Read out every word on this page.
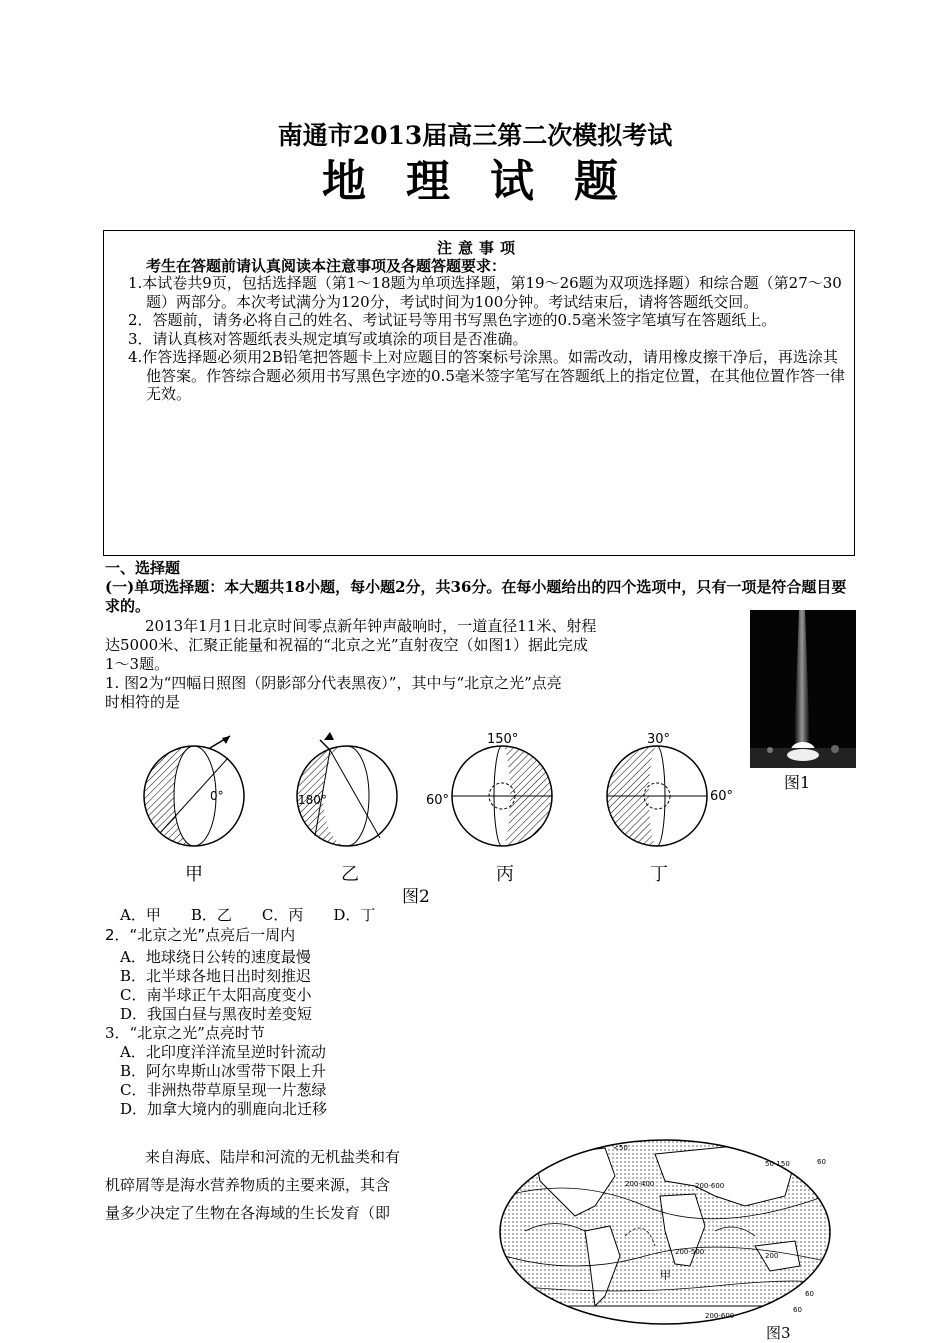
南通市2013届高三第二次模拟考试
地理试题
注意事项
考生在答题前请认真阅读本注意事项及各题答题要求：
1.本试卷共9页，包括选择题（第1～18题为单项选择题，第19～26题为双项选择题）和综合题（第27～30题）两部分。本次考试满分为120分，考试时间为100分钟。考试结束后，请将答题纸交回。
2．答题前，请务必将自己的姓名、考试证号等用书写黑色字迹的0.5毫米签字笔填写在答题纸上。
3．请认真核对答题纸表头规定填写或填涂的项目是否准确。
4.作答选择题必须用2B铅笔把答题卡上对应题目的答案标号涂黑。如需改动，请用橡皮擦干净后，再选涂其他答案。作答综合题必须用书写黑色字迹的0.5毫米签字笔写在答题纸上的指定位置，在其他位置作答一律无效。
一、选择题
(一)单项选择题：本大题共18小题，每小题2分，共36分。在每小题给出的四个选项中，只有一项是符合题目要求的。
2013年1月1日北京时间零点新年钟声敲响时，一道直径11米、射程
达5000米、汇聚正能量和祝福的“北京之光”直射夜空（如图1）据此完成
1～3题。
1. 图2为“四幅日照图（阴影部分代表黑夜）”，其中与“北京之光”点亮
时相符的是
图1
0°	180°
150°
60°
30°
60°
甲	乙	丙	丁
图2
A．甲　　B．乙　　C．丙　　D．丁
2．“北京之光”点亮后一周内
A．地球绕日公转的速度最慢
B．北半球各地日出时刻推迟
C．南半球正午太阳高度变小
D．我国白昼与黑夜时差变短
3．“北京之光”点亮时节
A．北印度洋洋流呈逆时针流动
B．阿尔卑斯山冰雪带下限上升
C．非洲热带草原呈现一片葱绿
D．加拿大境内的驯鹿向北迁移
来自海底、陆岸和河流的无机盐类和有
机碎屑等是海水营养物质的主要来源，其含
量多少决定了生物在各海域的生长发育（即
<50
50-150
200-400	200-600
200-500	200
60
60
甲
200-600
60
图3
